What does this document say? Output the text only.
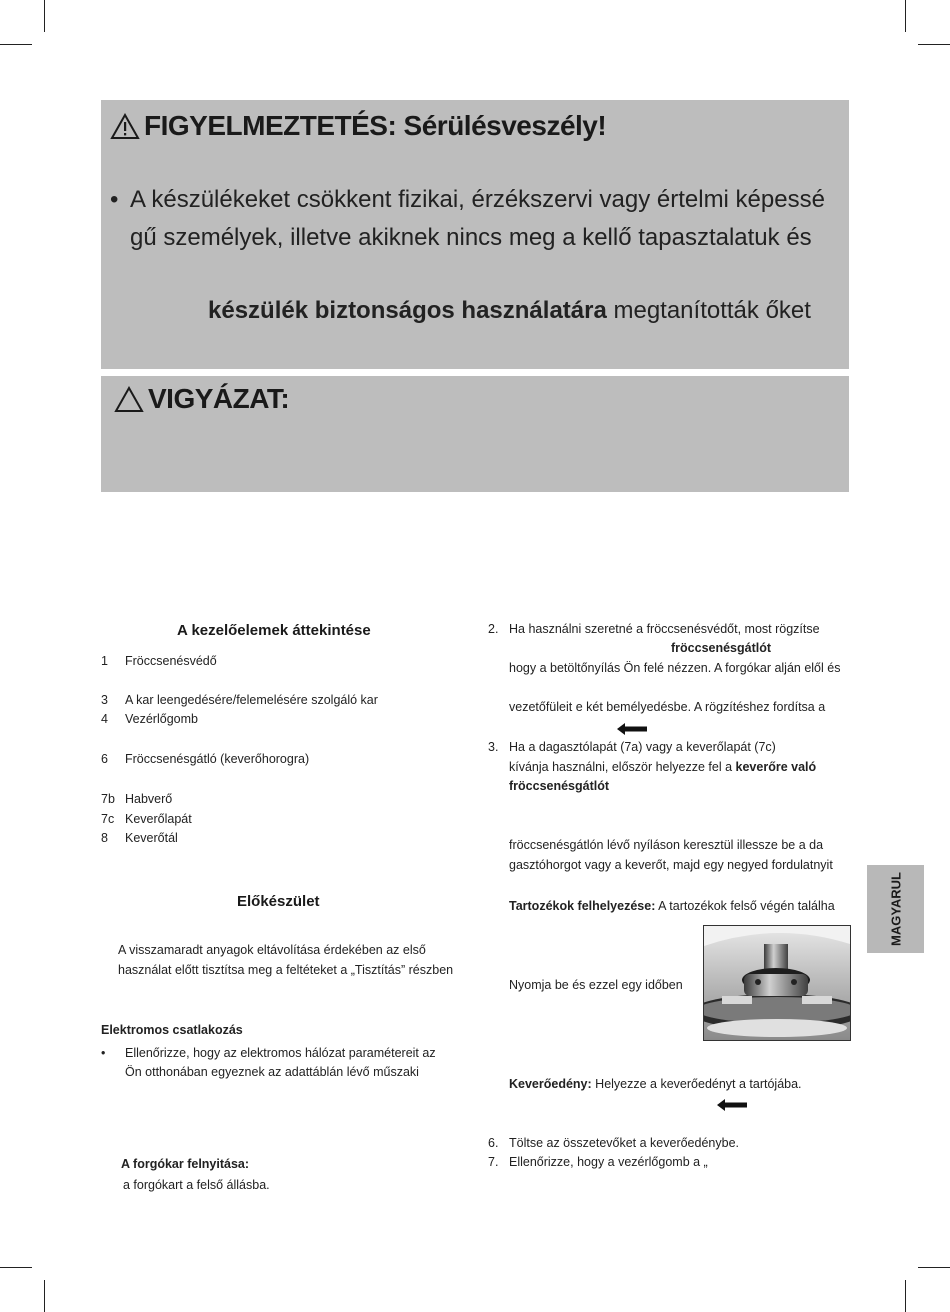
FIGYELMEZTETÉS: Sérülésveszély!
• A készülékeket csökkent fizikai, érzékszervi vagy értelmi képessé
gű személyek, illetve akiknek nincs meg a kellő tapasztalatuk és
készülék biztonságos használatára megtanították őket
VIGYÁZAT:
MAGYARUL
A kezelőelemek áttekintése
1 Fröccsenésvédő
3 A kar leengedésére/felemelésére szolgáló kar
4 Vezérlőgomb
6 Fröccsenésgátló (keverőhorogra)
7b Habverő
7c Keverőlapát
8 Keverőtál
Előkészület
A visszamaradt anyagok eltávolítása érdekében az első
használat előtt tisztítsa meg a feltéteket a „Tisztítás” részben
Elektromos csatlakozás
• Ellenőrizze, hogy az elektromos hálózat paramétereit az
Ön otthonában egyeznek az adattáblán lévő műszaki
A forgókar felnyitása:
a forgókart a felső állásba.
2. Ha használni szeretné a fröccsenésvédőt, most rögzítse
fröccsenésgátlót
hogy a betöltőnyílás Ön felé nézzen. A forgókar alján elől és
vezetőfüleit e két bemélyedésbe. A rögzítéshez fordítsa a
3. Ha a dagasztólapát (7a) vagy a keverőlapát (7c)
kívánja használni, először helyezze fel a keverőre való
fröccsenésgátlót
fröccsenésgátlón lévő nyíláson keresztül illessze be a da
gasztóhorgot vagy a keverőt, majd egy negyed fordulatnyit
Tartozékok felhelyezése: A tartozékok felső végén találha
Nyomja be és ezzel egy időben
Keverőedény: Helyezze a keverőedényt a tartójába.
6. Töltse az összetevőket a keverőedénybe.
7. Ellenőrizze, hogy a vezérlőgomb a „
